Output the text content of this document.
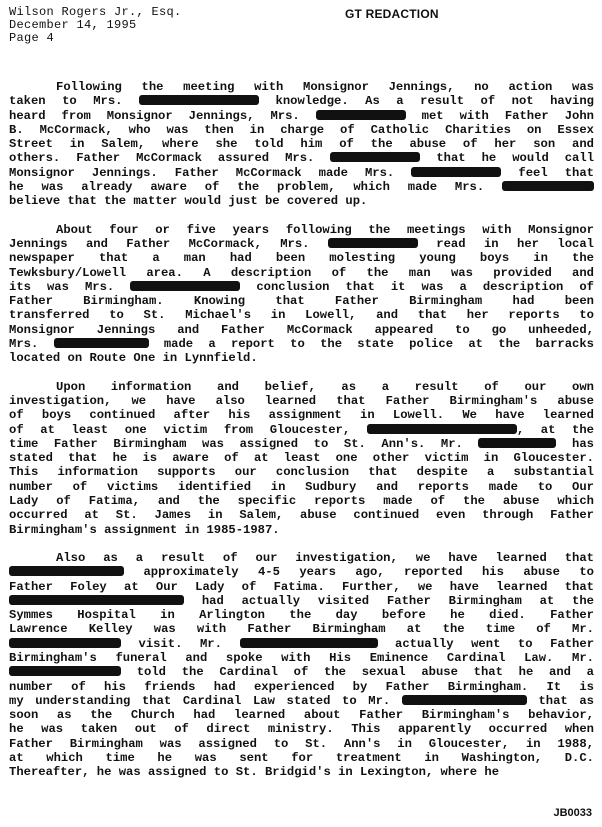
Wilson Rogers Jr., Esq.
December 14, 1995
Page 4
GT REDACTION
Following the meeting with Monsignor Jennings, no action was
taken to Mrs.	knowledge. As a result of not having
heard from Monsignor Jennings, Mrs.	met with Father John
B. McCormack, who was then in charge of Catholic Charities on Essex
Street in Salem, where she told him of the abuse of her son and
others. Father McCormack assured Mrs.	that he would call
Monsignor Jennings. Father McCormack made Mrs.	feel that
he was already aware of the problem, which made Mrs.
believe that the matter would just be covered up.
About four or five years following the meetings with Monsignor
Jennings and Father McCormack, Mrs.	read in her local
newspaper that a man had been molesting young boys in the
Tewksbury/Lowell area. A description of the man was provided and
its was Mrs.	conclusion that it was a description of
Father Birmingham. Knowing that Father Birmingham had been
transferred to St. Michael's in Lowell, and that her reports to
Monsignor Jennings and Father McCormack appeared to go unheeded,
Mrs.	made a report to the state police at the barracks
located on Route One in Lynnfield.
Upon information and belief, as a result of our own
investigation, we have also learned that Father Birmingham's abuse
of boys continued after his assignment in Lowell. We have learned
of at least one victim from Gloucester,	, at the
time Father Birmingham was assigned to St. Ann's. Mr.	has
stated that he is aware of at least one other victim in Gloucester.
This information supports our conclusion that despite a substantial
number of victims identified in Sudbury and reports made to Our
Lady of Fatima, and the specific reports made of the abuse which
occurred at St. James in Salem, abuse continued even through Father
Birmingham's assignment in 1985-1987.
Also as a result of our investigation, we have learned that
approximately 4-5 years ago, reported his abuse to
Father Foley at Our Lady of Fatima. Further, we have learned that
had actually visited Father Birmingham at the
Symmes Hospital in Arlington the day before he died. Father
Lawrence Kelley was with Father Birmingham at the time of Mr.
visit. Mr.	actually went to Father
Birmingham's funeral and spoke with His Eminence Cardinal Law. Mr.
told the Cardinal of the sexual abuse that he and a
number of his friends had experienced by Father Birmingham. It is
my understanding that Cardinal Law stated to Mr.	that as
soon as the Church had learned about Father Birmingham's behavior,
he was taken out of direct ministry. This apparently occurred when
Father Birmingham was assigned to St. Ann's in Gloucester, in 1988,
at which time he was sent for treatment in Washington, D.C.
Thereafter, he was assigned to St. Bridgid's in Lexington, where he
JB0033
